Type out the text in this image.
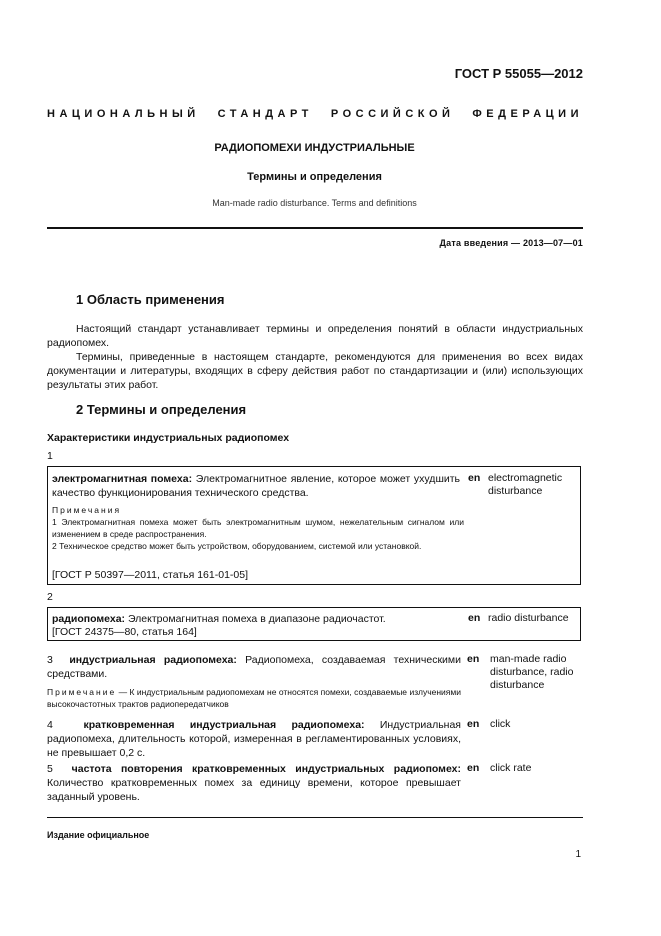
ГОСТ Р 55055—2012
НАЦИОНАЛЬНЫЙ СТАНДАРТ РОССИЙСКОЙ ФЕДЕРАЦИИ
РАДИОПОМЕХИ ИНДУСТРИАЛЬНЫЕ
Термины и определения
Man-made radio disturbance. Terms and definitions
Дата введения — 2013—07—01
1 Область применения

Настоящий стандарт устанавливает термины и определения понятий в области индустриальных радиопомех.

Термины, приведенные в настоящем стандарте, рекомендуются для применения во всех видах документации и литературы, входящих в сферу действия работ по стандартизации и (или) использующих результаты этих работ.

2 Термины и определения
Характеристики индустриальных радиопомех
1
электромагнитная помеха: Электромагнитное явление, которое может ухудшить качество функционирования технического средства.
en electromagnetic disturbance
Примечания
1 Электромагнитная помеха может быть электромагнитным шумом, нежелательным сигналом или изменением в среде распространения.
2 Техническое средство может быть устройством, оборудованием, системой или установкой.
[ГОСТ Р 50397—2011, статья 161-01-05]
2
радиопомеха: Электромагнитная помеха в диапазоне радиочастот.
[ГОСТ 24375—80, статья 164]
en radio disturbance
3 индустриальная радиопомеха: Радиопомеха, создаваемая техническими средствами.
Примечание — К индустриальным радиопомехам не относятся помехи, создаваемые излучениями высокочастотных трактов радиопередатчиков
en man-made radio disturbance, radio disturbance
4	кратковременная индустриальная радиопомеха: Индустриальная радиопомеха, длительность которой, измеренная в регламентированных условиях, не превышает 0,2 с.
en click
5 частота повторения кратковременных индустриальных радиопомех: Количество кратковременных помех за единицу времени, которое превышает заданный уровень.
en click rate
Издание официальное
1
